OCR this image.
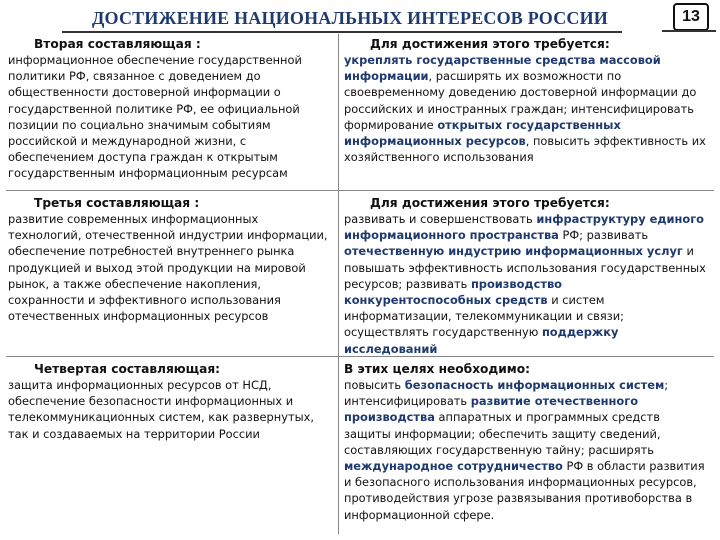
ДОСТИЖЕНИЕ НАЦИОНАЛЬНЫХ ИНТЕРЕСОВ РОССИИ	13
Вторая составляющая :
информационное обеспечение государственной политики РФ, связанное с доведением до общественности достоверной информации о государственной политике РФ, ее официальной позиции по социально значимым событиям российской и международной жизни, с обеспечением доступа граждан к открытым государственным информационным ресурсам
Для достижения этого требуется:
укреплять государственные средства массовой информации, расширять их возможности по своевременному доведению достоверной информации до российских и иностранных граждан; интенсифицировать формирование открытых государственных информационных ресурсов, повысить эффективность их хозяйственного использования
Третья составляющая :
развитие современных информационных технологий, отечественной индустрии информации, обеспечение потребностей внутреннего рынка продукцией и выход этой продукции на мировой рынок, а также обеспечение накопления, сохранности и эффективного использования отечественных информационных ресурсов
Для достижения этого требуется:
развивать и совершенствовать инфраструктуру единого информационного пространства РФ; развивать отечественную индустрию информационных услуг и повышать эффективность использования государственных ресурсов; развивать производство конкурентоспособных средств и систем информатизации, телекоммуникации и связи; осуществлять государственную поддержку исследований
Четвертая составляющая:
защита информационных ресурсов от НСД, обеспечение безопасности информационных и телекоммуникационных систем, как развернутых, так и создаваемых на территории России
В этих целях необходимо:
повысить безопасность информационных систем; интенсифицировать развитие отечественного производства аппаратных и программных средств защиты информации; обеспечить защиту сведений, составляющих государственную тайну; расширять международное сотрудничество РФ в области развития и безопасного использования информационных ресурсов, противодействия угрозе развязывания противоборства в информационной сфере.
